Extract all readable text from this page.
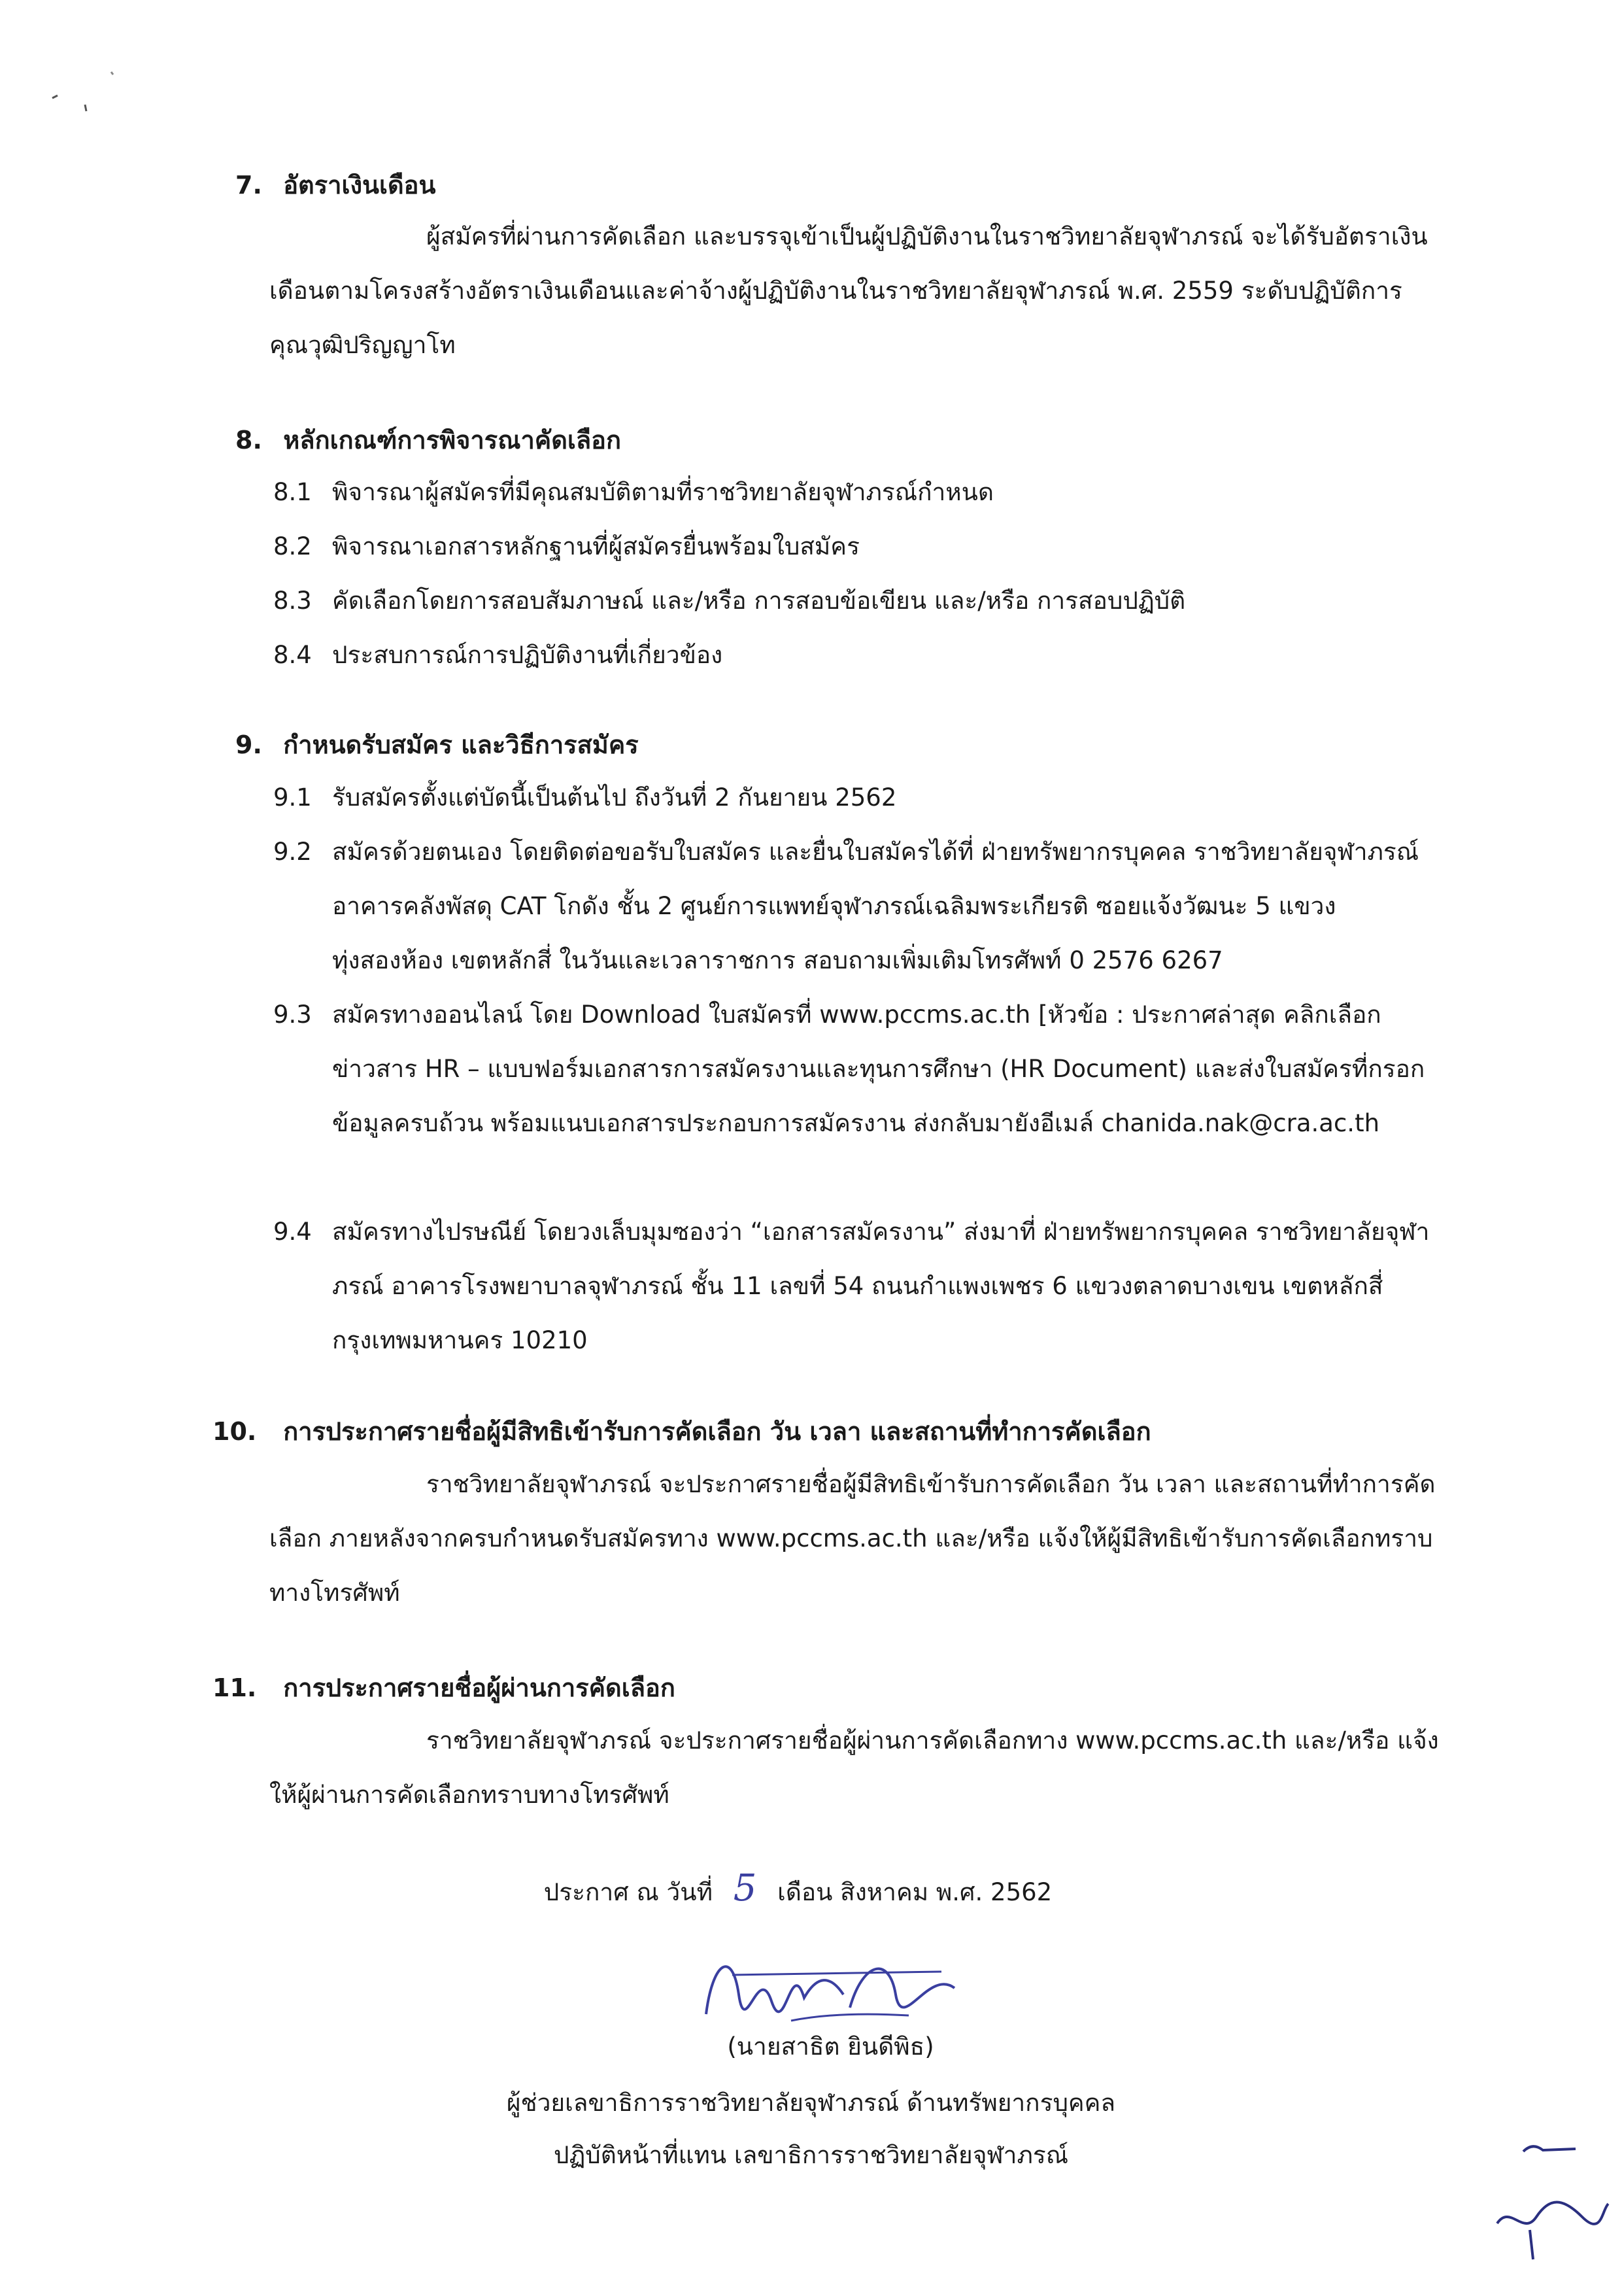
7. อัตราเงินเดือน
ผู้สมัครที่ผ่านการคัดเลือก และบรรจุเข้าเป็นผู้ปฏิบัติงานในราชวิทยาลัยจุฬาภรณ์ จะได้รับอัตราเงินเดือนตามโครงสร้างอัตราเงินเดือนและค่าจ้างผู้ปฏิบัติงานในราชวิทยาลัยจุฬาภรณ์ พ.ศ. 2559 ระดับปฏิบัติการ คุณวุฒิปริญญาโท
8. หลักเกณฑ์การพิจารณาคัดเลือก
8.1 พิจารณาผู้สมัครที่มีคุณสมบัติตามที่ราชวิทยาลัยจุฬาภรณ์กำหนด
8.2 พิจารณาเอกสารหลักฐานที่ผู้สมัครยื่นพร้อมใบสมัคร
8.3 คัดเลือกโดยการสอบสัมภาษณ์ และ/หรือ การสอบข้อเขียน และ/หรือ การสอบปฏิบัติ
8.4 ประสบการณ์การปฏิบัติงานที่เกี่ยวข้อง
9. กำหนดรับสมัคร และวิธีการสมัคร
9.1 รับสมัครตั้งแต่บัดนี้เป็นต้นไป ถึงวันที่ 2 กันยายน 2562
9.2 สมัครด้วยตนเอง โดยติดต่อขอรับใบสมัคร และยื่นใบสมัครได้ที่ ฝ่ายทรัพยากรบุคคล ราชวิทยาลัยจุฬาภรณ์ อาคารคลังพัสดุ CAT โกดัง ชั้น 2 ศูนย์การแพทย์จุฬาภรณ์เฉลิมพระเกียรติ ซอยแจ้งวัฒนะ 5 แขวงทุ่งสองห้อง เขตหลักสี่ ในวันและเวลาราชการ สอบถามเพิ่มเติมโทรศัพท์ 0 2576 6267
9.3 สมัครทางออนไลน์ โดย Download ใบสมัครที่ www.pccms.ac.th [หัวข้อ : ประกาศล่าสุด คลิกเลือกข่าวสาร HR – แบบฟอร์มเอกสารการสมัครงานและทุนการศึกษา (HR Document) และส่งใบสมัครที่กรอกข้อมูลครบถ้วน พร้อมแนบเอกสารประกอบการสมัครงาน ส่งกลับมายังอีเมล์ chanida.nak@cra.ac.th
9.4 สมัครทางไปรษณีย์ โดยวงเล็บมุมซองว่า “เอกสารสมัครงาน” ส่งมาที่ ฝ่ายทรัพยากรบุคคล ราชวิทยาลัยจุฬาภรณ์ อาคารโรงพยาบาลจุฬาภรณ์ ชั้น 11 เลขที่ 54 ถนนกำแพงเพชร 6 แขวงตลาดบางเขน เขตหลักสี่ กรุงเทพมหานคร 10210
10. การประกาศรายชื่อผู้มีสิทธิเข้ารับการคัดเลือก วัน เวลา และสถานที่ทำการคัดเลือก
ราชวิทยาลัยจุฬาภรณ์ จะประกาศรายชื่อผู้มีสิทธิเข้ารับการคัดเลือก วัน เวลา และสถานที่ทำการคัดเลือก ภายหลังจากครบกำหนดรับสมัครทาง www.pccms.ac.th และ/หรือ แจ้งให้ผู้มีสิทธิเข้ารับการคัดเลือกทราบทางโทรศัพท์
11. การประกาศรายชื่อผู้ผ่านการคัดเลือก
ราชวิทยาลัยจุฬาภรณ์ จะประกาศรายชื่อผู้ผ่านการคัดเลือกทาง www.pccms.ac.th และ/หรือ แจ้งให้ผู้ผ่านการคัดเลือกทราบทางโทรศัพท์
ประกาศ ณ วันที่ 5 เดือน สิงหาคม พ.ศ. 2562
(นายสาธิต ยินดีพิธ)
ผู้ช่วยเลขาธิการราชวิทยาลัยจุฬาภรณ์ ด้านทรัพยากรบุคคล
ปฏิบัติหน้าที่แทน เลขาธิการราชวิทยาลัยจุฬาภรณ์
